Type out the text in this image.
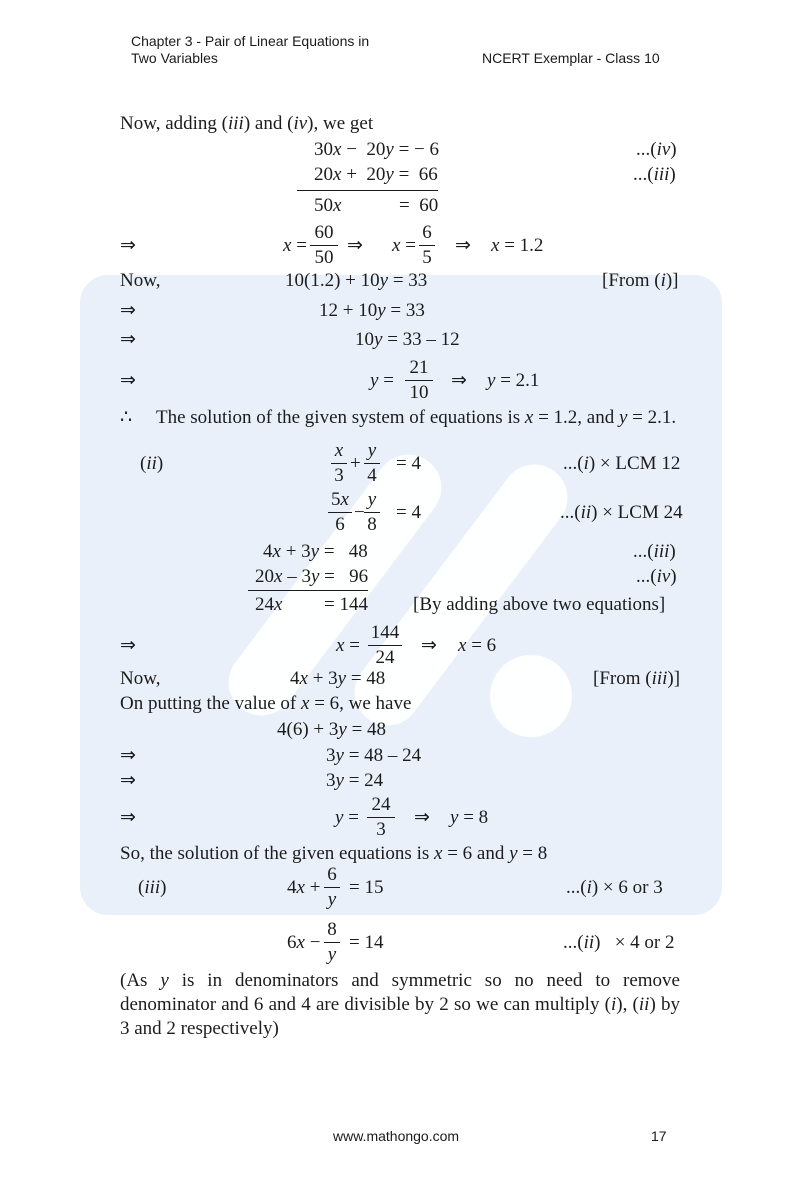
Chapter 3 - Pair of Linear Equations in
Two Variables	NCERT Exemplar - Class 10
Now, adding (iii) and (iv), we get
30x −  20y = − 6	...(iv)
20x +  20y =  66	...(iii)
50x	=  60
⇒	$x = \frac{60}{50}$ ⇒ $x = \frac{6}{5}$ ⇒ x = 1.2
Now,	10(1.2) + 10y = 33	[From (i)]
⇒	12 + 10y = 33
⇒	10y = 33 – 12
⇒	$y = \frac{21}{10}$ ⇒ y = 2.1
∴ The solution of the given system of equations is x = 1.2, and y = 2.1.
(ii)	$\frac{x}{3} + \frac{y}{4} = 4$	...(i) × LCM 12
$\frac{5x}{6} - \frac{y}{8} = 4$	...(ii) × LCM 24
4x + 3y =   48	...(iii)
20x – 3y =   96	...(iv)
24x = 144 [By adding above two equations]
⇒	$x = \frac{144}{24}$ ⇒ x = 6
Now,	4x + 3y = 48	[From (iii)]
On putting the value of x = 6, we have
4(6) + 3y = 48
⇒	3y = 48 – 24
⇒	3y = 24
⇒	$y = \frac{24}{3}$ ⇒ y = 8
So, the solution of the given equations is x = 6 and y = 8
(iii)	$4x + \frac{6}{y} = 15$	...(i) × 6 or 3
$6x - \frac{8}{y} = 14$	...(ii)   × 4 or 2
(As y is in denominators and symmetric so no need to remove denominator and 6 and 4 are divisible by 2 so we can multiply (i), (ii) by 3 and 2 respectively)
www.mathongo.com	17
